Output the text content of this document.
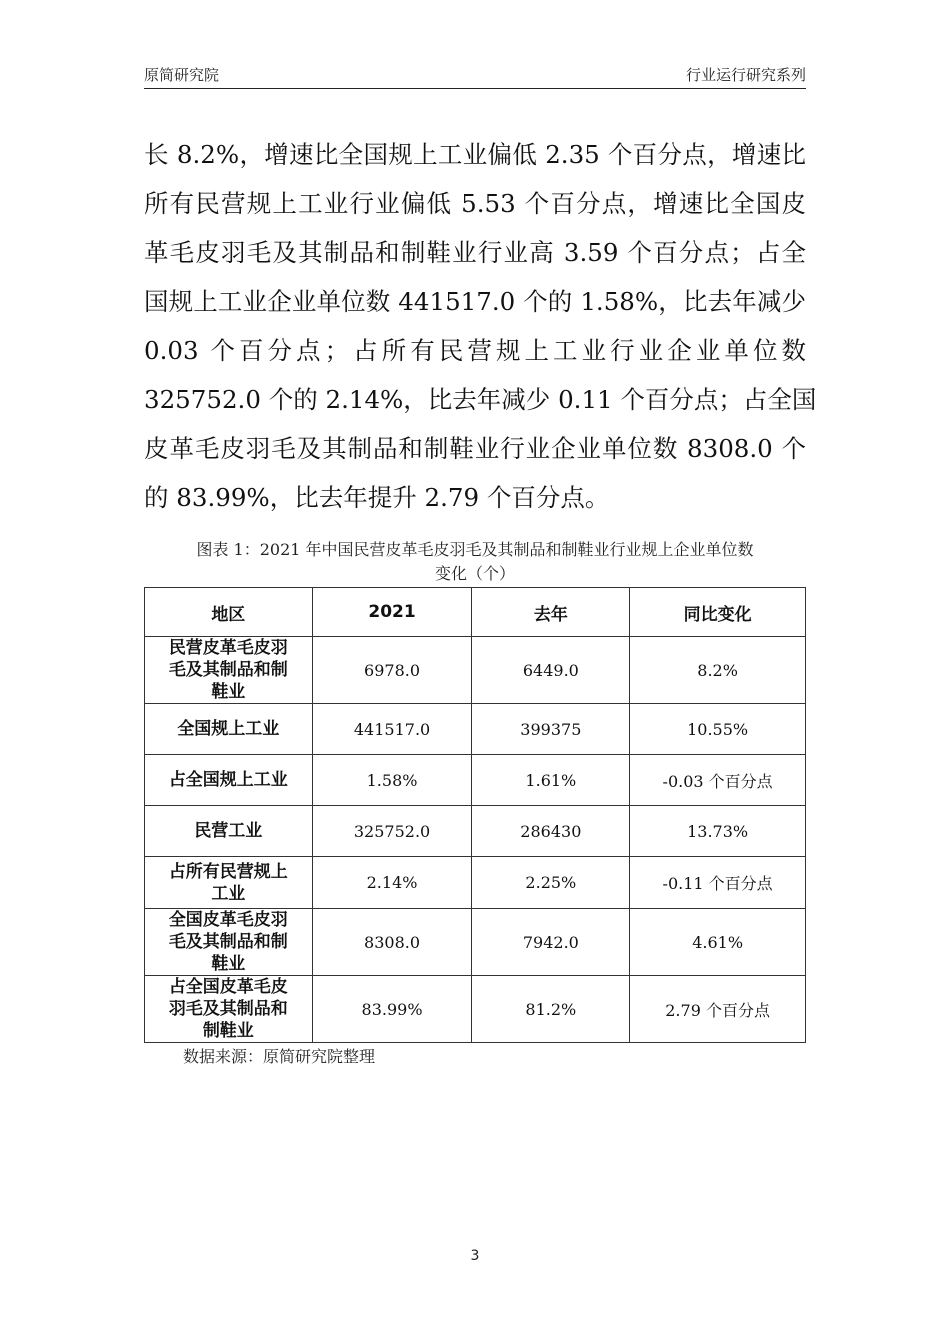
原简研究院	行业运行研究系列
长 8.2%，增速比全国规上工业偏低 2.35 个百分点，增速比
所有民营规上工业行业偏低 5.53 个百分点，增速比全国皮
革毛皮羽毛及其制品和制鞋业行业高 3.59 个百分点；占全
国规上工业企业单位数 441517.0 个的 1.58%，比去年减少
0.03 个百分点；占所有民营规上工业行业企业单位数
325752.0 个的 2.14%，比去年减少 0.11 个百分点；占全国
皮革毛皮羽毛及其制品和制鞋业行业企业单位数 8308.0 个
的 83.99%，比去年提升 2.79 个百分点。
图表 1：2021 年中国民营皮革毛皮羽毛及其制品和制鞋业行业规上企业单位数
变化（个）
地区	2021	去年	同比变化

民营皮革毛皮羽
毛及其制品和制
鞋业	6978.0	6449.0	8.2%

全国规上工业	441517.0	399375	10.55%

占全国规上工业	1.58%	1.61%	-0.03 个百分点

民营工业	325752.0	286430	13.73%

占所有民营规上
工业	2.14%	2.25%	-0.11 个百分点

全国皮革毛皮羽
毛及其制品和制
鞋业	8308.0	7942.0	4.61%

占全国皮革毛皮
羽毛及其制品和
制鞋业	83.99%	81.2%	2.79 个百分点
数据来源：原简研究院整理
3
